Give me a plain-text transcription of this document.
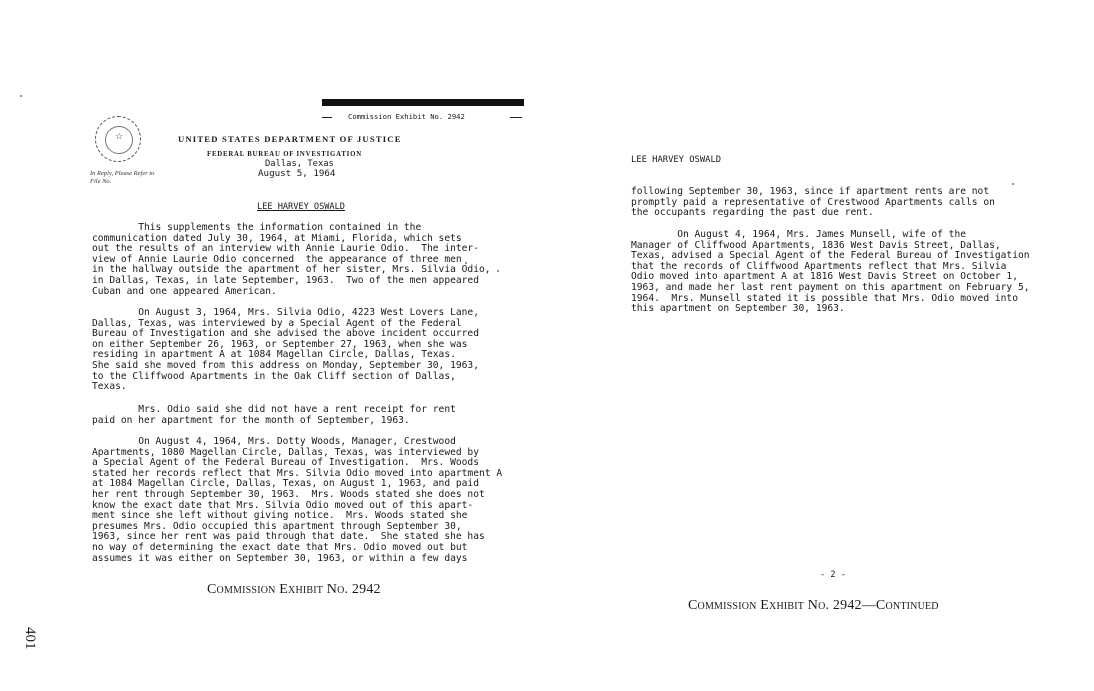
Commission Exhibit No. 2942
☆
In Reply, Please Refer to
File No.
UNITED STATES DEPARTMENT OF JUSTICE
FEDERAL BUREAU OF INVESTIGATION
Dallas, Texas
August 5, 1964
LEE HARVEY OSWALD
This supplements the information contained in the
communication dated July 30, 1964, at Miami, Florida, which sets
out the results of an interview with Annie Laurie Odio.  The inter-
view of Annie Laurie Odio concerned  the appearance of three men
in the hallway outside the apartment of her sister, Mrs. Silvia Odio,
in Dallas, Texas, in late September, 1963.  Two of the men appeared
Cuban and one appeared American.
On August 3, 1964, Mrs. Silvia Odio, 4223 West Lovers Lane,
Dallas, Texas, was interviewed by a Special Agent of the Federal
Bureau of Investigation and she advised the above incident occurred
on either September 26, 1963, or September 27, 1963, when she was
residing in apartment A at 1084 Magellan Circle, Dallas, Texas.
She said she moved from this address on Monday, September 30, 1963,
to the Cliffwood Apartments in the Oak Cliff section of Dallas,
Texas.
Mrs. Odio said she did not have a rent receipt for rent
paid on her apartment for the month of September, 1963.
On August 4, 1964, Mrs. Dotty Woods, Manager, Crestwood
Apartments, 1080 Magellan Circle, Dallas, Texas, was interviewed by
a Special Agent of the Federal Bureau of Investigation.  Mrs. Woods
stated her records reflect that Mrs. Silvia Odio moved into apartment A
at 1084 Magellan Circle, Dallas, Texas, on August 1, 1963, and paid
her rent through September 30, 1963.  Mrs. Woods stated she does not
know the exact date that Mrs. Silvia Odio moved out of this apart-
ment since she left without giving notice.  Mrs. Woods stated she
presumes Mrs. Odio occupied this apartment through September 30,
1963, since her rent was paid through that date.  She stated she has
no way of determining the exact date that Mrs. Odio moved out but
assumes it was either on September 30, 1963, or within a few days
Commission Exhibit No. 2942
401
LEE HARVEY OSWALD
following September 30, 1963, since if apartment rents are not
promptly paid a representative of Crestwood Apartments calls on
the occupants regarding the past due rent.
On August 4, 1964, Mrs. James Munsell, wife of the
Manager of Cliffwood Apartments, 1836 West Davis Street, Dallas,
Texas, advised a Special Agent of the Federal Bureau of Investigation
that the records of Cliffwood Apartments reflect that Mrs. Silvia
Odio moved into apartment A at 1816 West Davis Street on October 1,
1963, and made her last rent payment on this apartment on February 5,
1964.  Mrs. Munsell stated it is possible that Mrs. Odio moved into
this apartment on September 30, 1963.
- 2 -
Commission Exhibit No. 2942—Continued
